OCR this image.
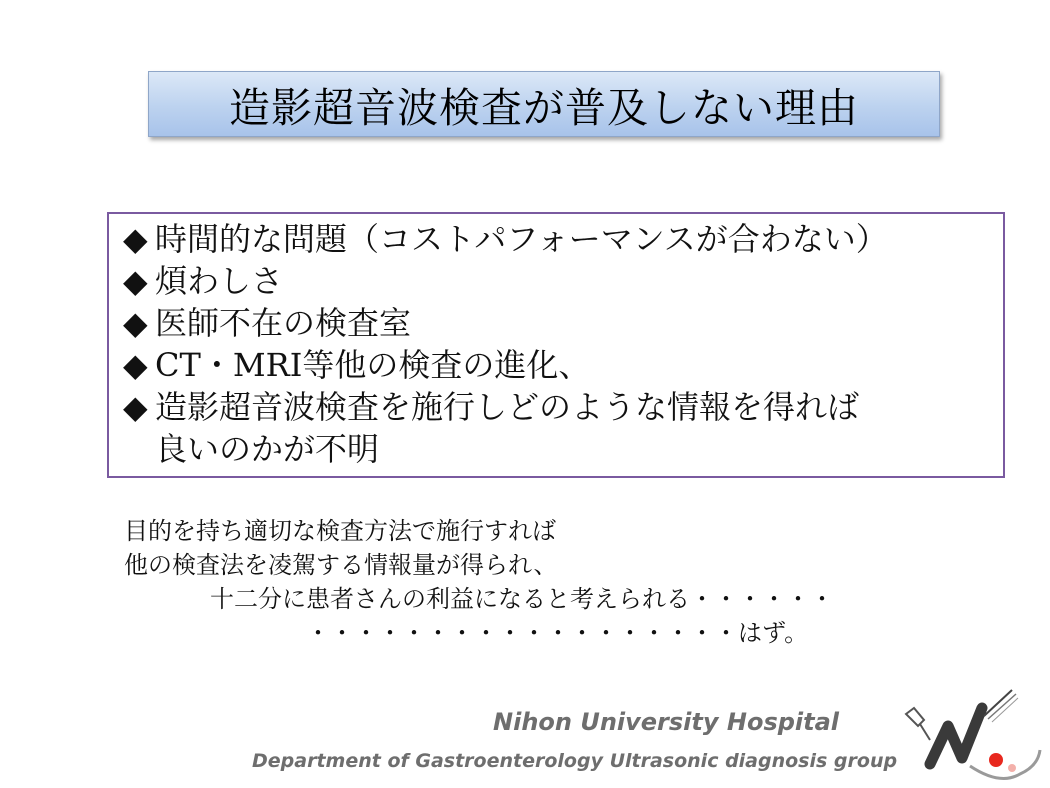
造影超音波検査が普及しない理由
◆ 時間的な問題（コストパフォーマンスが合わない）
◆ 煩わしさ
◆ 医師不在の検査室
◆ CT・MRI等他の検査の進化、
◆ 造影超音波検査を施行しどのような情報を得れば
良いのかが不明
目的を持ち適切な検査方法で施行すれば
他の検査法を凌駕する情報量が得られ、
十二分に患者さんの利益になると考えられる・・・・・・
・・・・・・・・・・・・・・・・・・はず。
Nihon University Hospital
Department of Gastroenterology Ultrasonic diagnosis group
